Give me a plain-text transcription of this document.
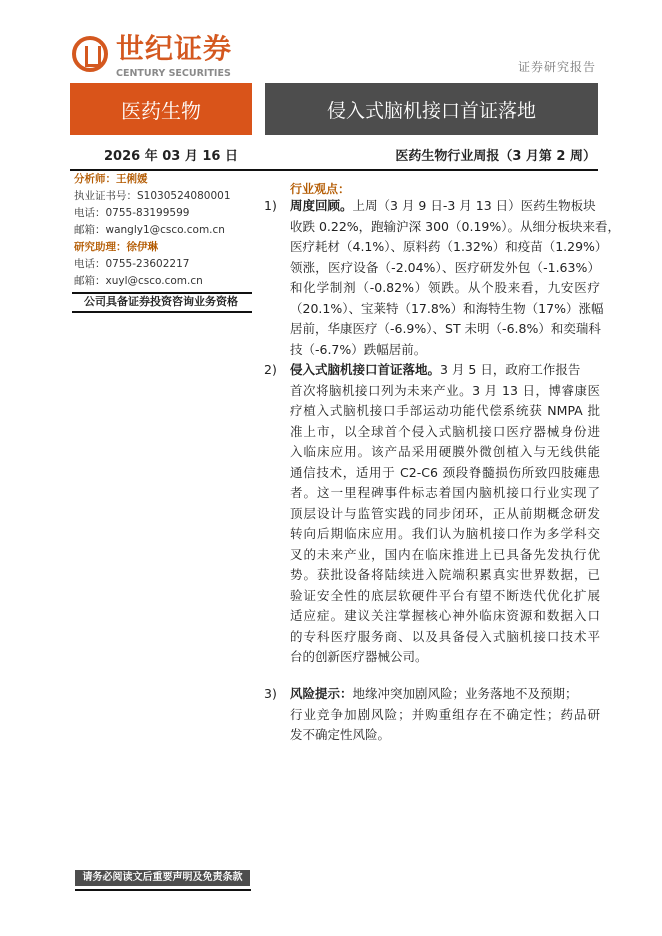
世纪证券
CENTURY SECURITIES	证券研究报告
医药生物	侵入式脑机接口首证落地
2026 年 03 月 16 日	医药生物行业周报（3 月第 2 周）
分析师：王俐媛
执业证书号：S1030524080001
电话：0755-83199599
邮箱：wangly1@csco.com.cn
研究助理：徐伊琳
电话：0755-23602217
邮箱：xuyl@csco.com.cn
公司具备证券投资咨询业务资格
行业观点：
1) 周度回顾。上周（3 月 9 日-3 月 13 日）医药生物板块
收跌 0.22%，跑输沪深 300（0.19%）。从细分板块来看，
医疗耗材（4.1%）、原料药（1.32%）和疫苗（1.29%）
领涨，医疗设备（-2.04%）、医疗研发外包（-1.63%）
和化学制剂（-0.82%）领跌。从个股来看，九安医疗
（20.1%）、宝莱特（17.8%）和海特生物（17%）涨幅
居前，华康医疗（-6.9%）、ST 未明（-6.8%）和奕瑞科
技（-6.7%）跌幅居前。
2) 侵入式脑机接口首证落地。3 月 5 日，政府工作报告
首次将脑机接口列为未来产业。3 月 13 日，博睿康医
疗植入式脑机接口手部运动功能代偿系统获 NMPA 批
准上市，以全球首个侵入式脑机接口医疗器械身份进
入临床应用。该产品采用硬膜外微创植入与无线供能
通信技术，适用于 C2-C6 颈段脊髓损伤所致四肢瘫患
者。这一里程碑事件标志着国内脑机接口行业实现了
顶层设计与监管实践的同步闭环，正从前期概念研发
转向后期临床应用。我们认为脑机接口作为多学科交
叉的未来产业，国内在临床推进上已具备先发执行优
势。获批设备将陆续进入院端积累真实世界数据，已
验证安全性的底层软硬件平台有望不断迭代优化扩展
适应症。建议关注掌握核心神外临床资源和数据入口
的专科医疗服务商、以及具备侵入式脑机接口技术平
台的创新医疗器械公司。
3) 风险提示：地缘冲突加剧风险；业务落地不及预期；
行业竞争加剧风险；并购重组存在不确定性；药品研
发不确定性风险。
请务必阅读文后重要声明及免责条款
